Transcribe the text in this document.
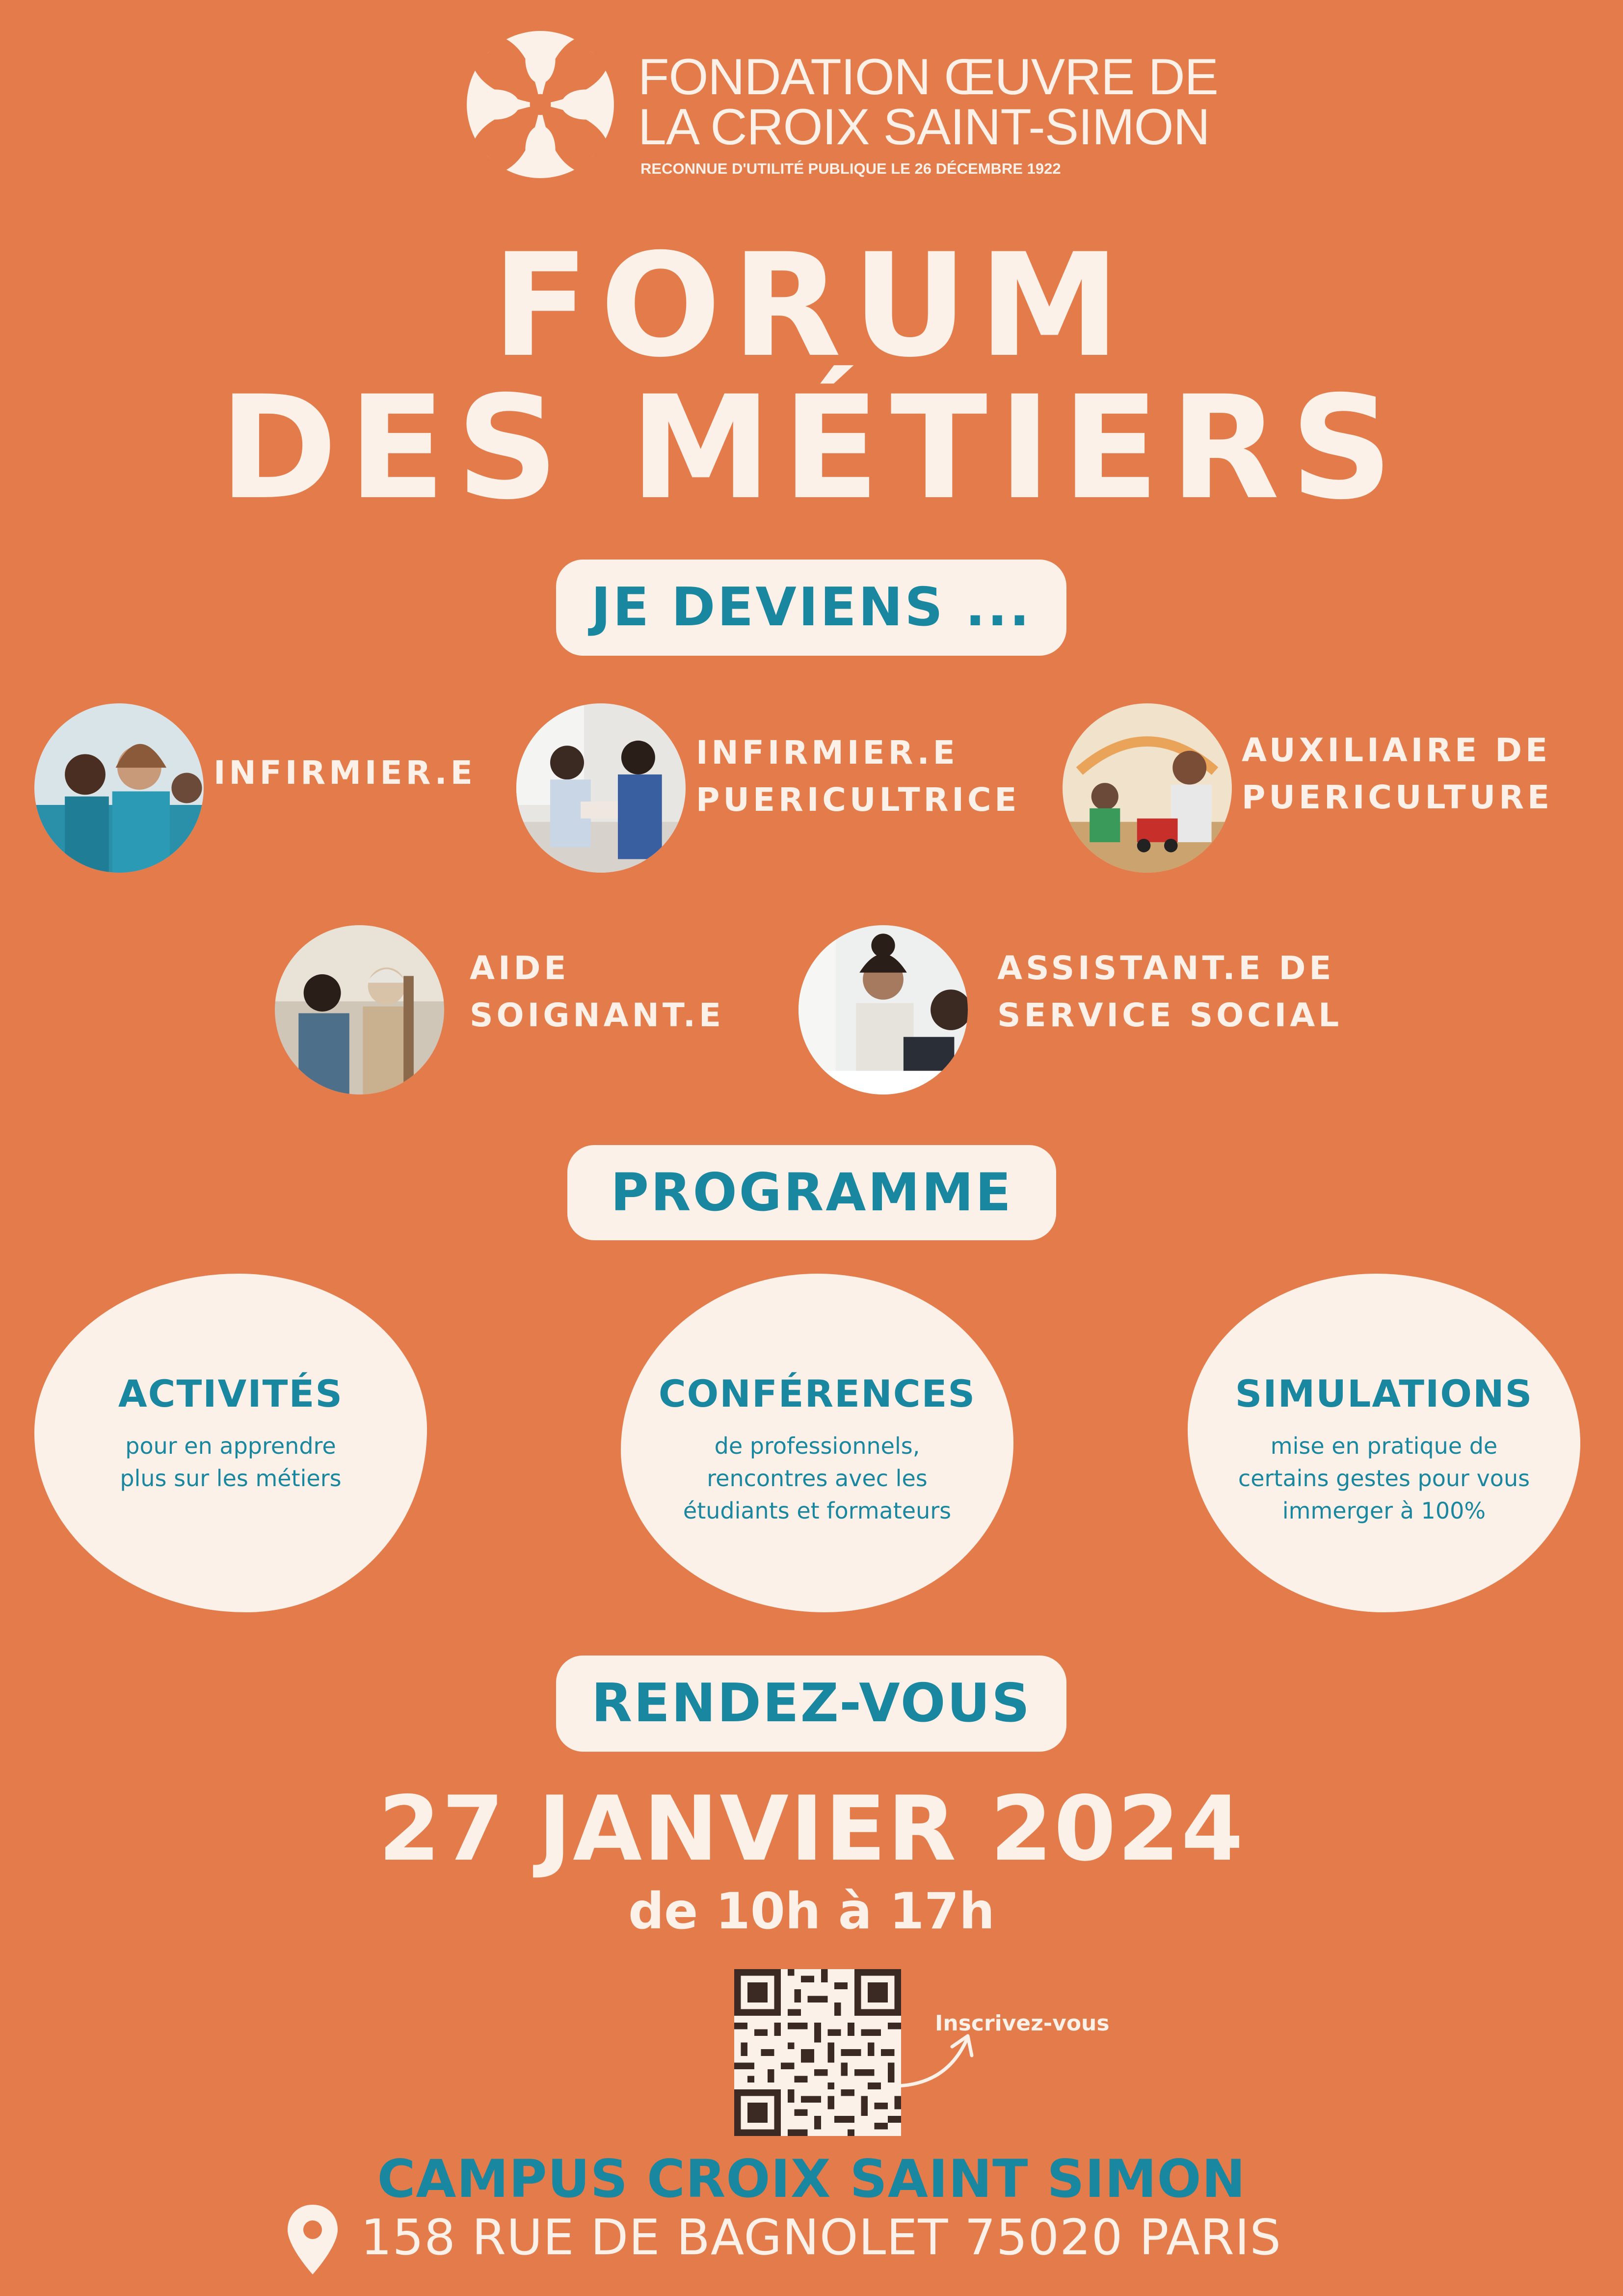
FONDATION ŒUVRE DE
LA CROIX SAINT-SIMON
RECONNUE D'UTILITÉ PUBLIQUE LE 26 DÉCEMBRE 1922
FORUM
DES MÉTIERS
JE DEVIENS ...
INFIRMIER.E
INFIRMIER.E
PUERICULTRICE
AUXILIAIRE DE
PUERICULTURE
AIDE
SOIGNANT.E
ASSISTANT.E DE
SERVICE SOCIAL
PROGRAMME
ACTIVITÉS
pour en apprendre
plus sur les métiers
CONFÉRENCES
de professionnels,
rencontres avec les
étudiants et formateurs
SIMULATIONS
mise en pratique de
certains gestes pour vous
immerger à 100%
RENDEZ-VOUS
27 JANVIER 2024
de 10h à 17h
Inscrivez-vous
CAMPUS CROIX SAINT SIMON
158 RUE DE BAGNOLET 75020 PARIS
